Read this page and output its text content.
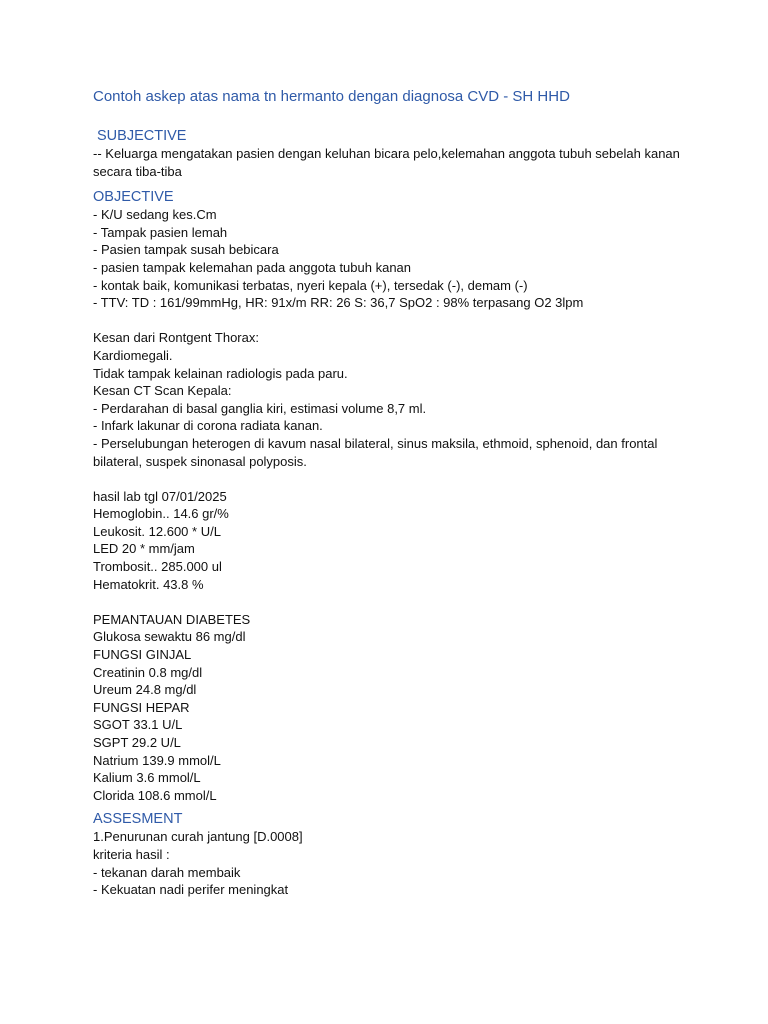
Contoh askep atas nama tn hermanto dengan diagnosa CVD - SH HHD

SUBJECTIVE

-- Keluarga mengatakan pasien dengan keluhan bicara pelo,kelemahan anggota tubuh sebelah kanan secara tiba-tiba

OBJECTIVE

- K/U sedang kes.Cm

- Tampak pasien lemah

- Pasien tampak susah bebicara

- pasien tampak kelemahan pada anggota tubuh kanan

- kontak baik, komunikasi terbatas, nyeri kepala (+), tersedak (-), demam (-)

- TTV: TD : 161/99mmHg, HR: 91x/m RR: 26 S: 36,7 SpO2 : 98% terpasang O2 3lpm

Kesan dari Rontgent Thorax:

Kardiomegali.

Tidak tampak kelainan radiologis pada paru.

Kesan CT Scan Kepala:

- Perdarahan di basal ganglia kiri, estimasi volume 8,7 ml.

- Infark lakunar di corona radiata kanan.

- Perselubungan heterogen di kavum nasal bilateral, sinus maksila, ethmoid, sphenoid, dan frontal bilateral, suspek sinonasal polyposis.

hasil lab tgl 07/01/2025

Hemoglobin.. 14.6 gr/%

Leukosit. 12.600 * U/L

LED 20 * mm/jam

Trombosit.. 285.000 ul

Hematokrit. 43.8 %

PEMANTAUAN DIABETES

Glukosa sewaktu 86 mg/dl

FUNGSI GINJAL

Creatinin 0.8 mg/dl

Ureum 24.8 mg/dl

FUNGSI HEPAR

SGOT 33.1 U/L

SGPT 29.2 U/L

Natrium 139.9 mmol/L

Kalium 3.6 mmol/L

Clorida 108.6 mmol/L

ASSESMENT

1.Penurunan curah jantung [D.0008]

kriteria hasil :

- tekanan darah membaik

- Kekuatan nadi perifer meningkat
